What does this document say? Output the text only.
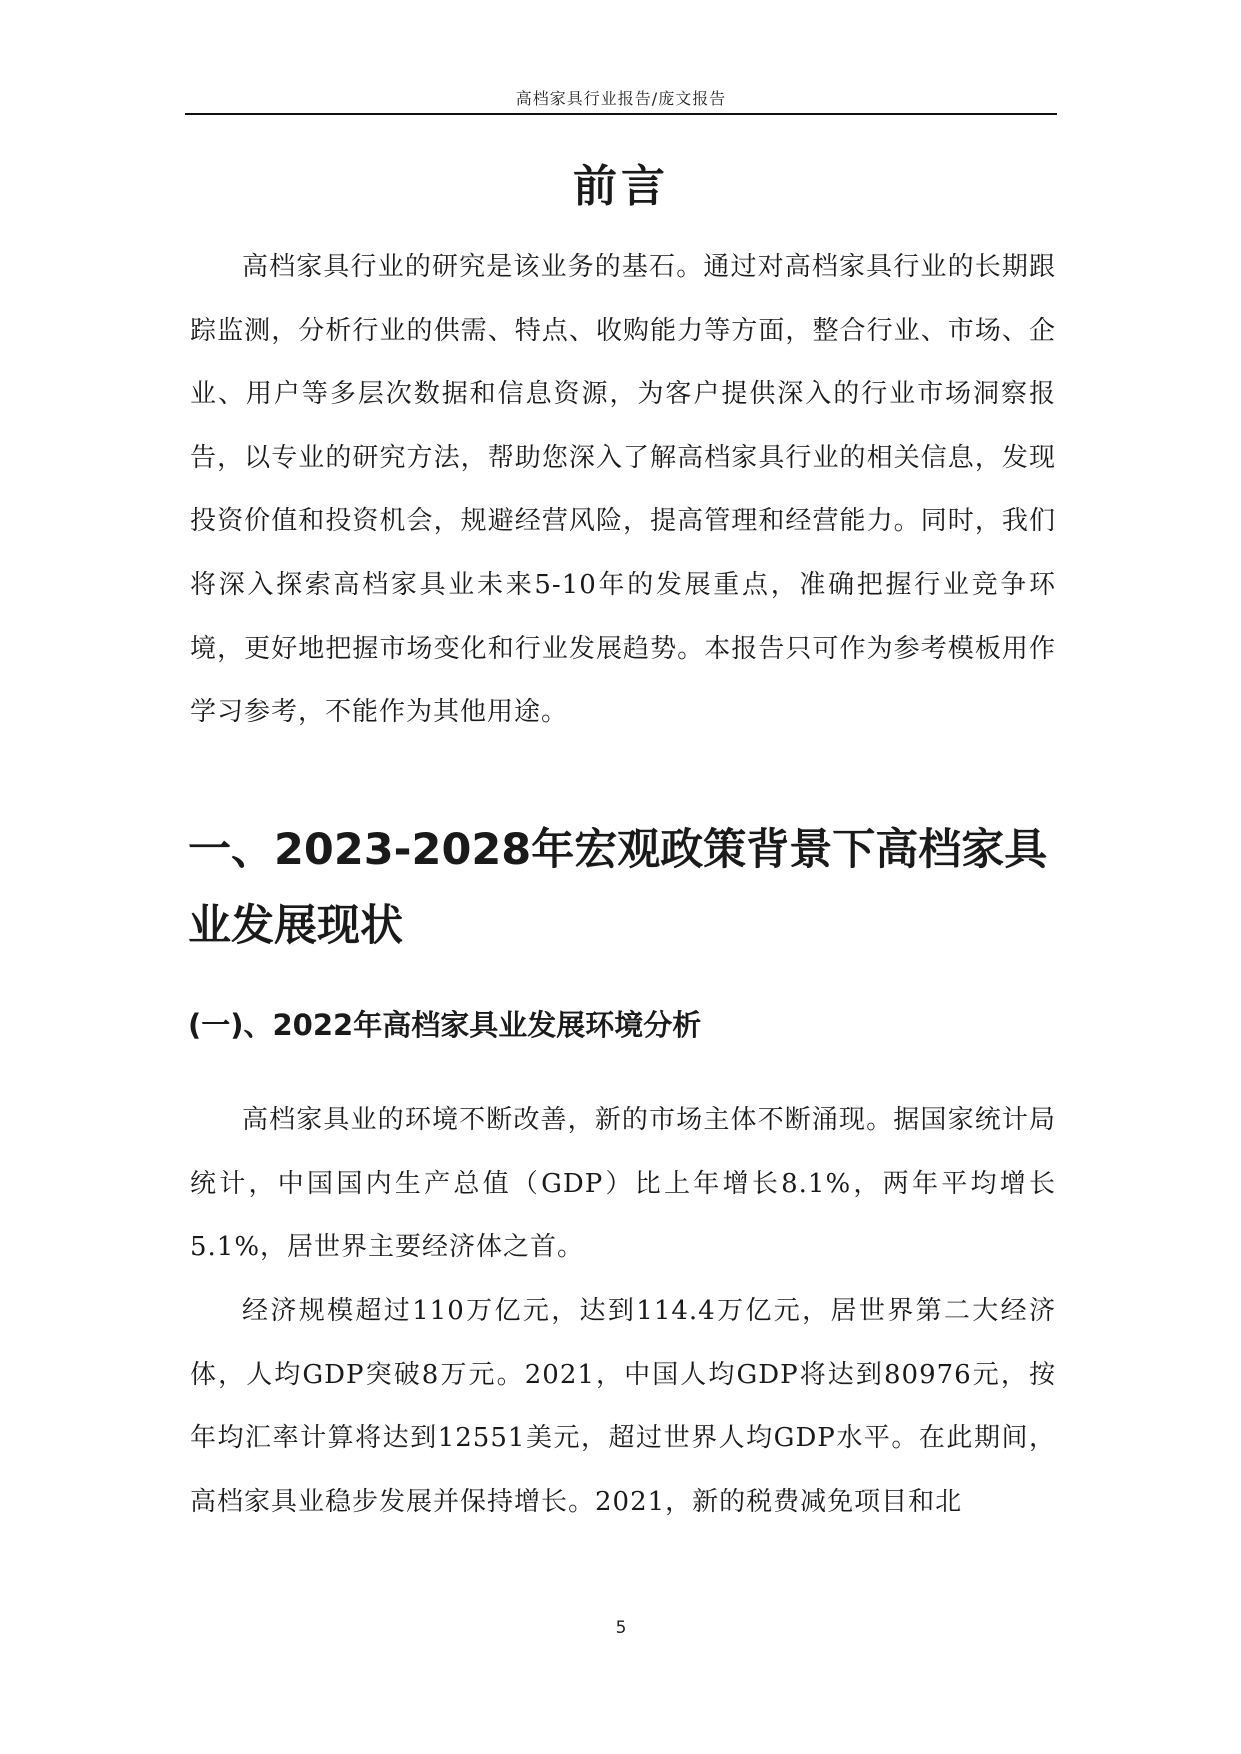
高档家具行业报告/庞文报告
前言

高档家具行业的研究是该业务的基石。通过对高档家具行业的长期跟踪监测，分析行业的供需、特点、收购能力等方面，整合行业、市场、企业、用户等多层次数据和信息资源，为客户提供深入的行业市场洞察报告，以专业的研究方法，帮助您深入了解高档家具行业的相关信息，发现投资价值和投资机会，规避经营风险，提高管理和经营能力。同时，我们将深入探索高档家具业未来5-10年的发展重点，准确把握行业竞争环境，更好地把握市场变化和行业发展趋势。本报告只可作为参考模板用作学习参考，不能作为其他用途。

一、2023-2028年宏观政策背景下高档家具业发展现状
(一)、2022年高档家具业发展环境分析

高档家具业的环境不断改善，新的市场主体不断涌现。据国家统计局统计，中国国内生产总值（GDP）比上年增长8.1%，两年平均增长5.1%，居世界主要经济体之首。

经济规模超过110万亿元，达到114.4万亿元，居世界第二大经济体，人均GDP突破8万元。2021，中国人均GDP将达到80976元，按年均汇率计算将达到12551美元，超过世界人均GDP水平。在此期间，高档家具业稳步发展并保持增长。2021，新的税费减免项目和北

5
